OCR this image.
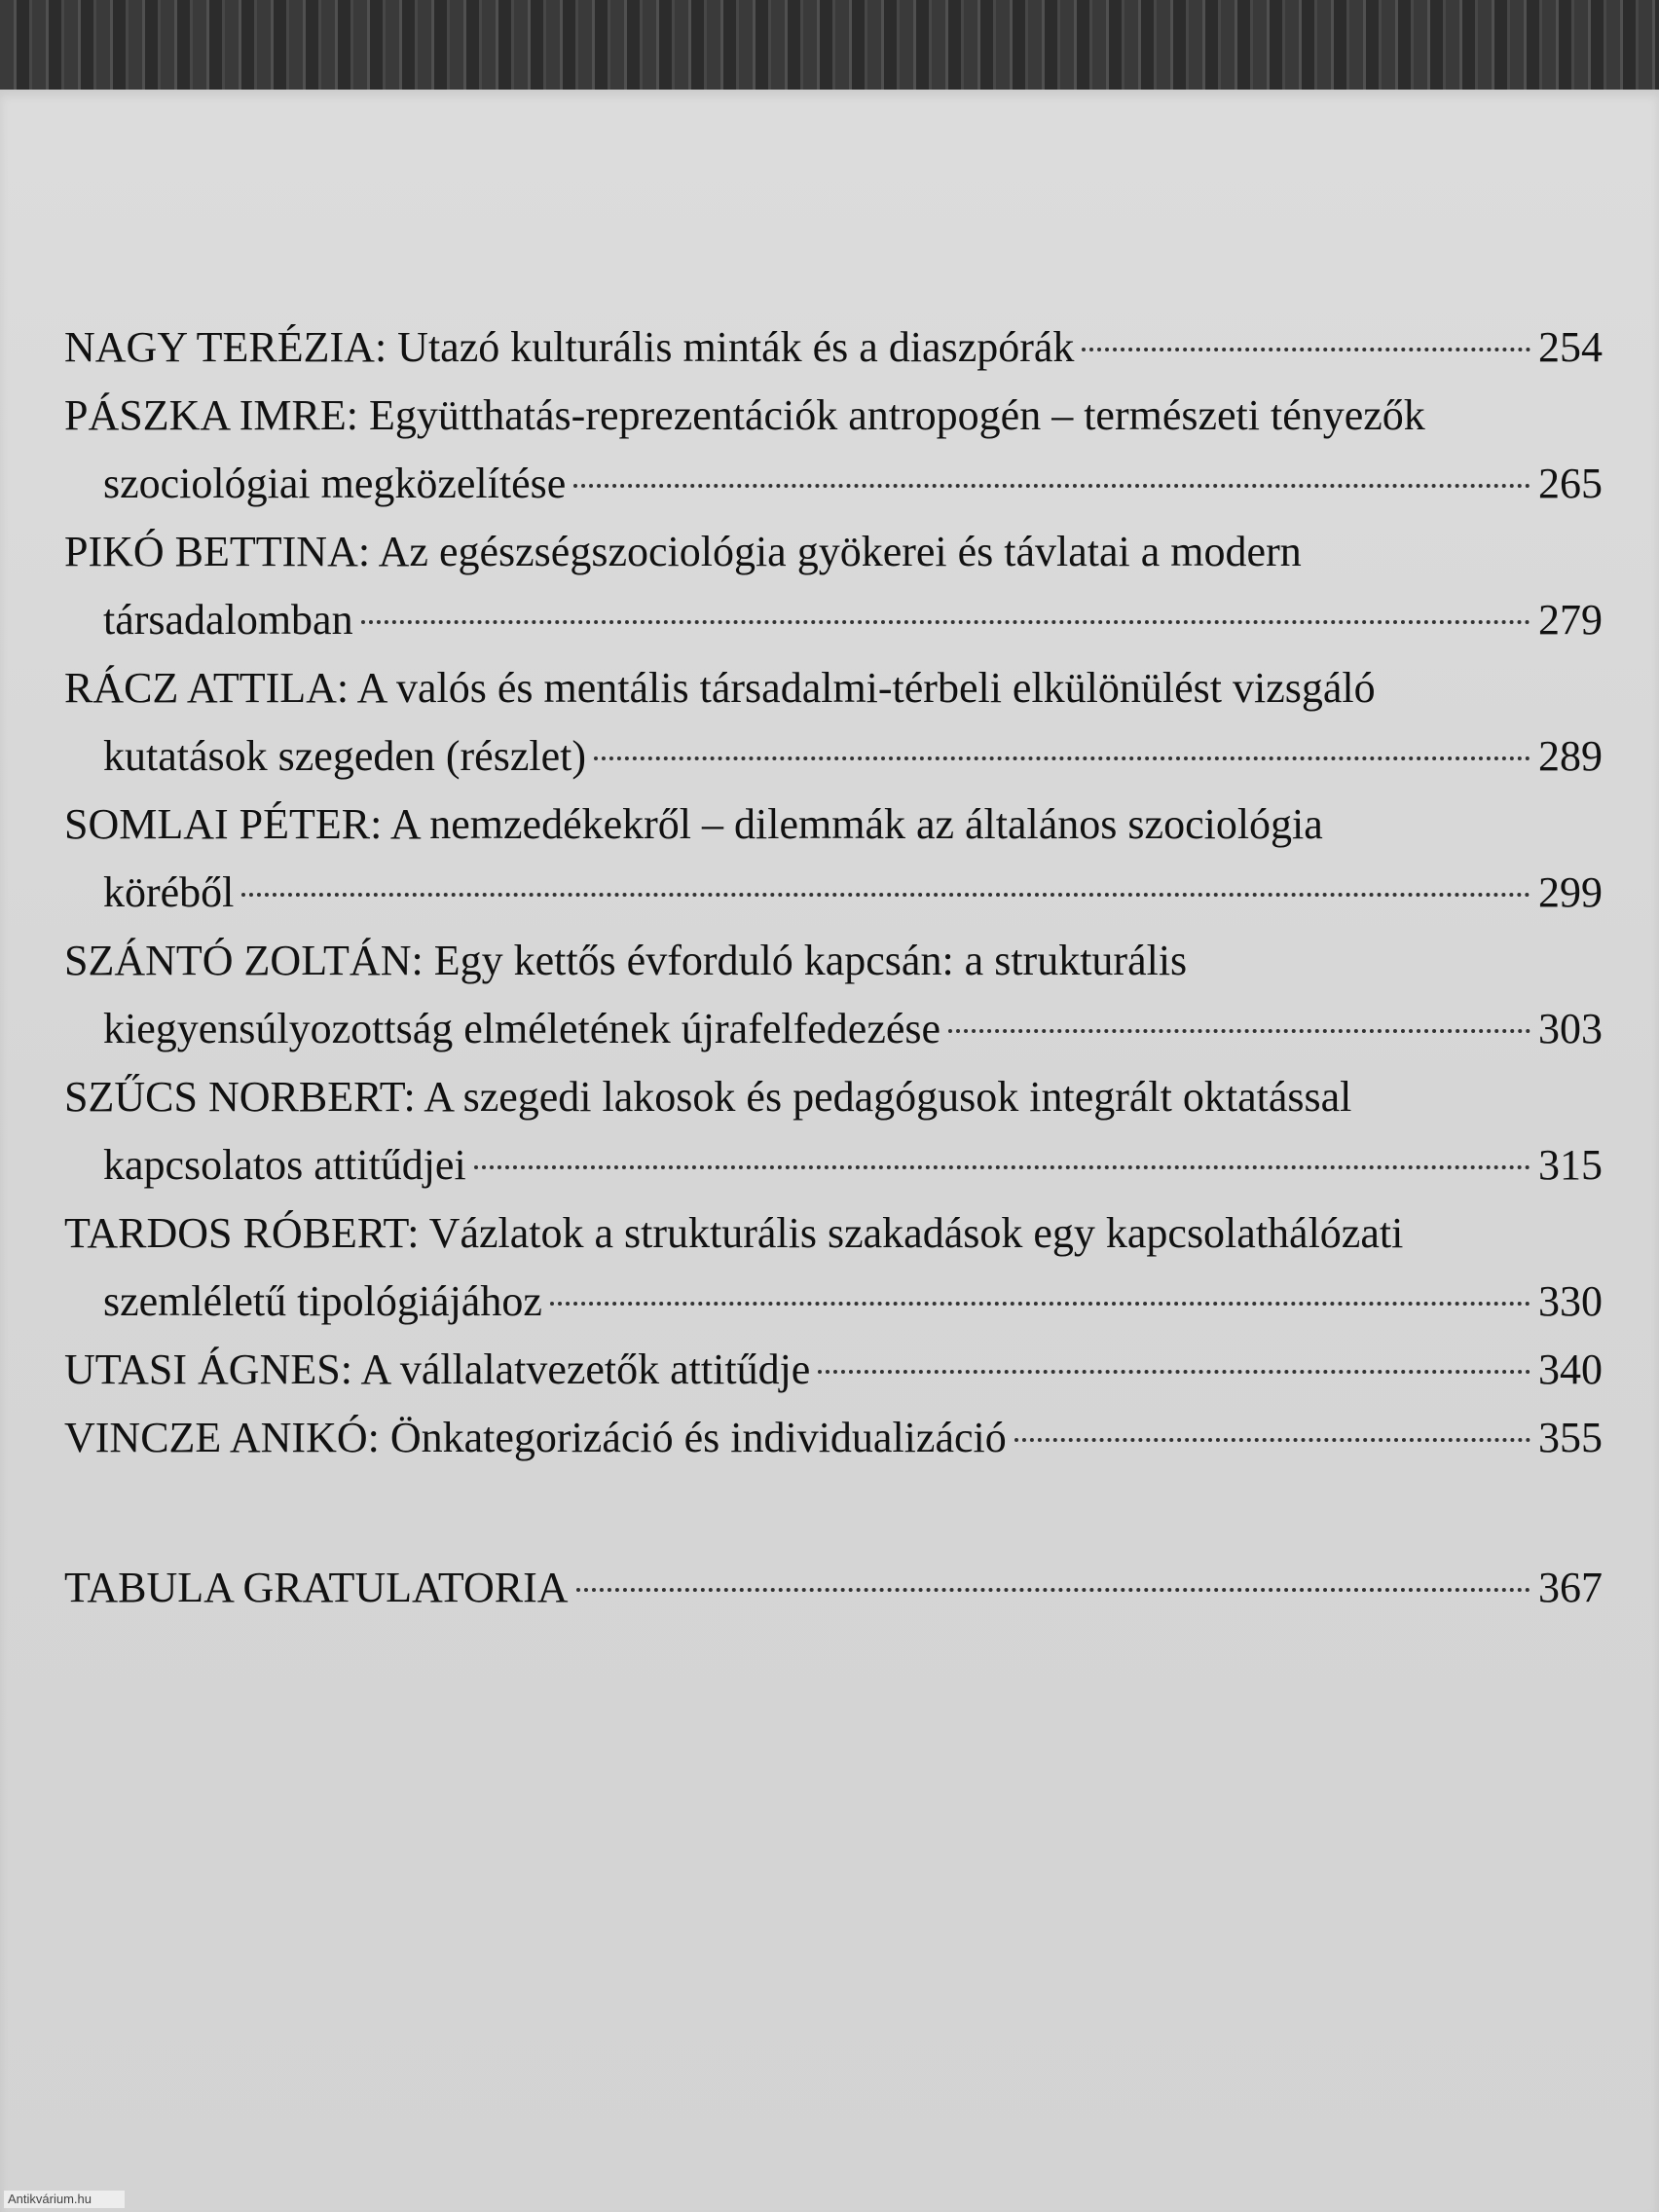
NAGY TERÉZIA: Utazó kulturális minták és a diaszpórák	254
PÁSZKA IMRE: Együtthatás-reprezentációk antropogén – természeti tényezők
szociológiai megközelítése	265
PIKÓ BETTINA: Az egészségszociológia gyökerei és távlatai a modern
társadalomban	279
RÁCZ ATTILA: A valós és mentális társadalmi-térbeli elkülönülést vizsgáló
kutatások szegeden (részlet)	289
SOMLAI PÉTER: A nemzedékekről – dilemmák az általános szociológia
köréből	299
SZÁNTÓ ZOLTÁN: Egy kettős évforduló kapcsán: a strukturális
kiegyensúlyozottság elméletének újrafelfedezése	303
SZŰCS NORBERT: A szegedi lakosok és pedagógusok integrált oktatással
kapcsolatos attitűdjei	315
TARDOS RÓBERT: Vázlatok a strukturális szakadások egy kapcsolathálózati
szemléletű tipológiájához	330
UTASI ÁGNES: A vállalatvezetők attitűdje	340
VINCZE ANIKÓ: Önkategorizáció és individualizáció	355
TABULA GRATULATORIA	367
Antikvárium.hu
